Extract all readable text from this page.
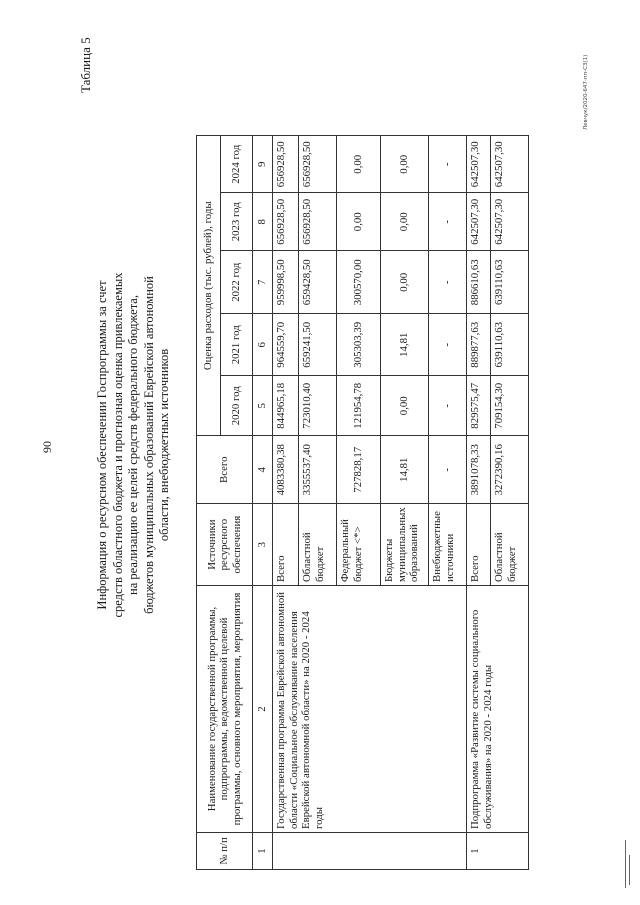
90
Таблица 5
Информация о ресурсном обеспечении Госпрограммы за счет средств областного бюджета и прогнозная оценка привлекаемых на реализацию ее целей средств федерального бюджета, бюджетов муниципальных образований Еврейской автономной области, внебюджетных источников
№ п/п	Наименование государственной программы, подпрограммы, ведомственной целевой программы, основного мероприятия, мероприятия	Источники ресурсного обеспечения	Всего	Оценка расходов (тыс. рублей), годы				
				2020 год	2021 год	2022 год	2023 год	2024 год
1	2	3	4	5	6	7	8	9
	Государственная программа Еврейской автономной области «Социальное обслуживание населения Еврейской автономной области» на 2020 - 2024 годы	Всего	4083380,38	844965,18	964559,70	959998,50	656928,50	656928,50
		Областной бюджет	3355537,40	723010,40	659241,50	659428,50	656928,50	656928,50
		Федеральный бюджет <*>	727828,17	121954,78	305303,39	300570,00	0,00	0,00
		Бюджеты муниципальных образований	14,81	0,00	14,81	0,00	0,00	0,00
		Внебюджетные источники	-	-	-	-	-	-
1	Подпрограмма «Развитие системы социального обслуживания» на 2020 - 2024 годы	Всего	3891078,33	829575,47	889877,63	886610,63	642507,30	642507,30
		Областной бюджет	3272390,16	709154,30	639110,63	639110,63	642507,30	642507,30
Левчук/2020-647-пп-С3(1)
